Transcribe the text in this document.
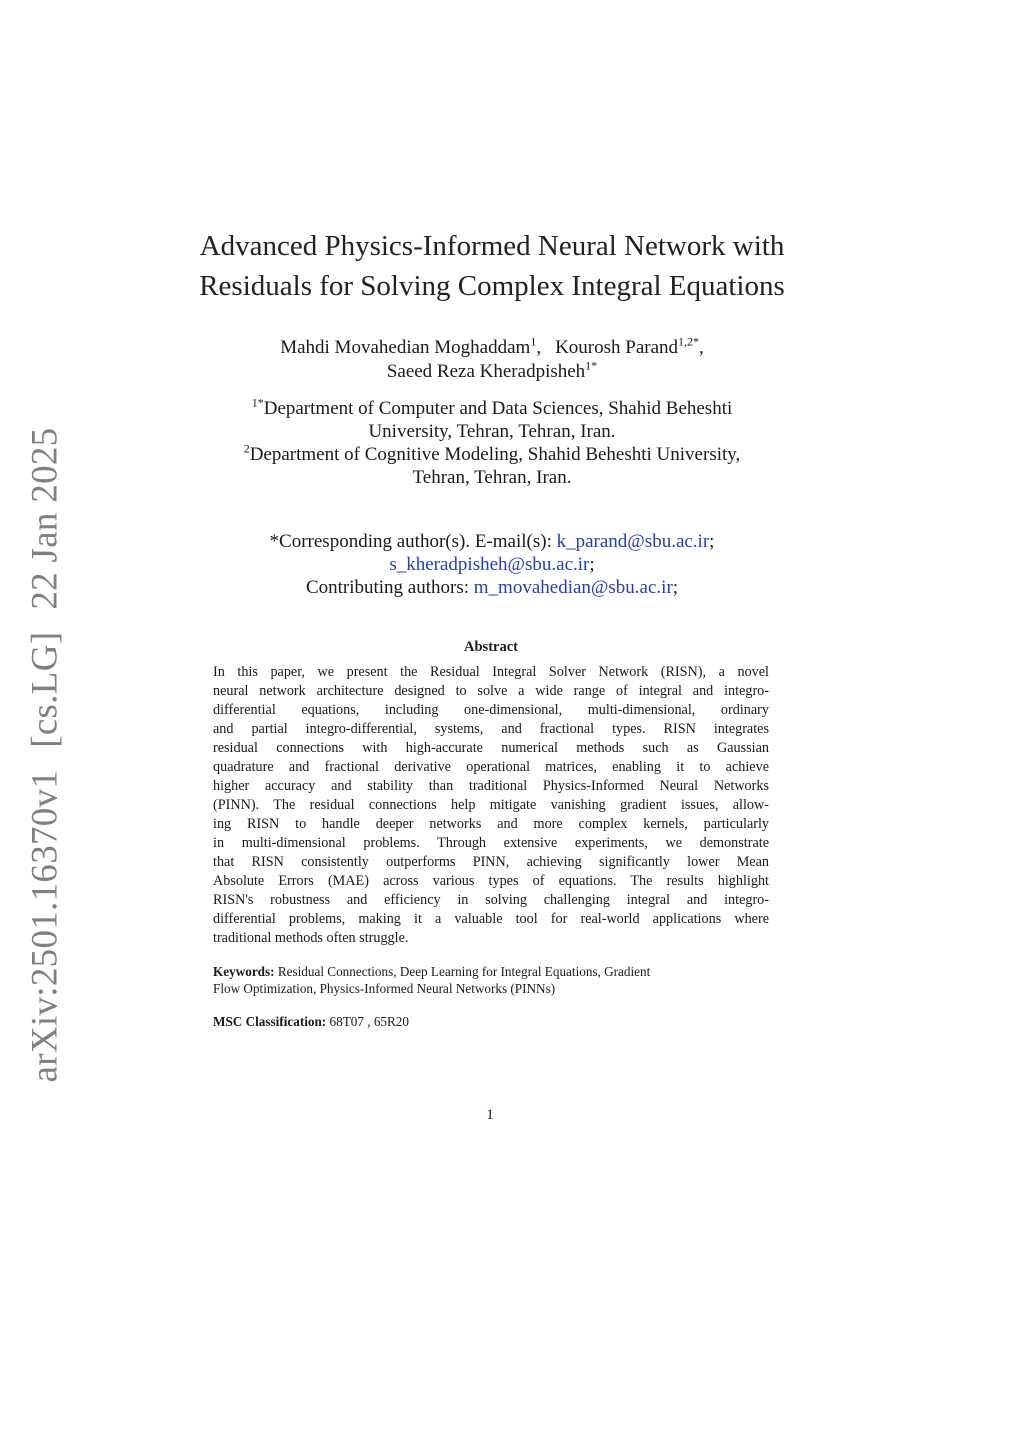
arXiv:2501.16370v1[cs.LG]22 Jan 2025
Advanced Physics-Informed Neural Network with
Residuals for Solving Complex Integral Equations
Mahdi Movahedian Moghaddam$^1$, Kourosh Parand$^{1,2*}$,
Saeed Reza Kheradpisheh$^{1*}$
$^{1*}$Department of Computer and Data Sciences, Shahid Beheshti
University, Tehran, Tehran, Iran.
$^2$Department of Cognitive Modeling, Shahid Beheshti University,
Tehran, Tehran, Iran.
*Corresponding author(s). E-mail(s): k_parand@sbu.ac.ir;
s_kheradpisheh@sbu.ac.ir;
Contributing authors: m_movahedian@sbu.ac.ir;
Abstract
In this paper, we present the Residual Integral Solver Network (RISN), a novel
neural network architecture designed to solve a wide range of integral and integro-
differential equations, including one-dimensional, multi-dimensional, ordinary
and partial integro-differential, systems, and fractional types. RISN integrates
residual connections with high-accurate numerical methods such as Gaussian
quadrature and fractional derivative operational matrices, enabling it to achieve
higher accuracy and stability than traditional Physics-Informed Neural Networks
(PINN). The residual connections help mitigate vanishing gradient issues, allow-
ing RISN to handle deeper networks and more complex kernels, particularly
in multi-dimensional problems. Through extensive experiments, we demonstrate
that RISN consistently outperforms PINN, achieving significantly lower Mean
Absolute Errors (MAE) across various types of equations. The results highlight
RISN's robustness and efficiency in solving challenging integral and integro-
differential problems, making it a valuable tool for real-world applications where
traditional methods often struggle.
Keywords: Residual Connections, Deep Learning for Integral Equations, Gradient
Flow Optimization, Physics-Informed Neural Networks (PINNs)
MSC Classification: 68T07 , 65R20
1
